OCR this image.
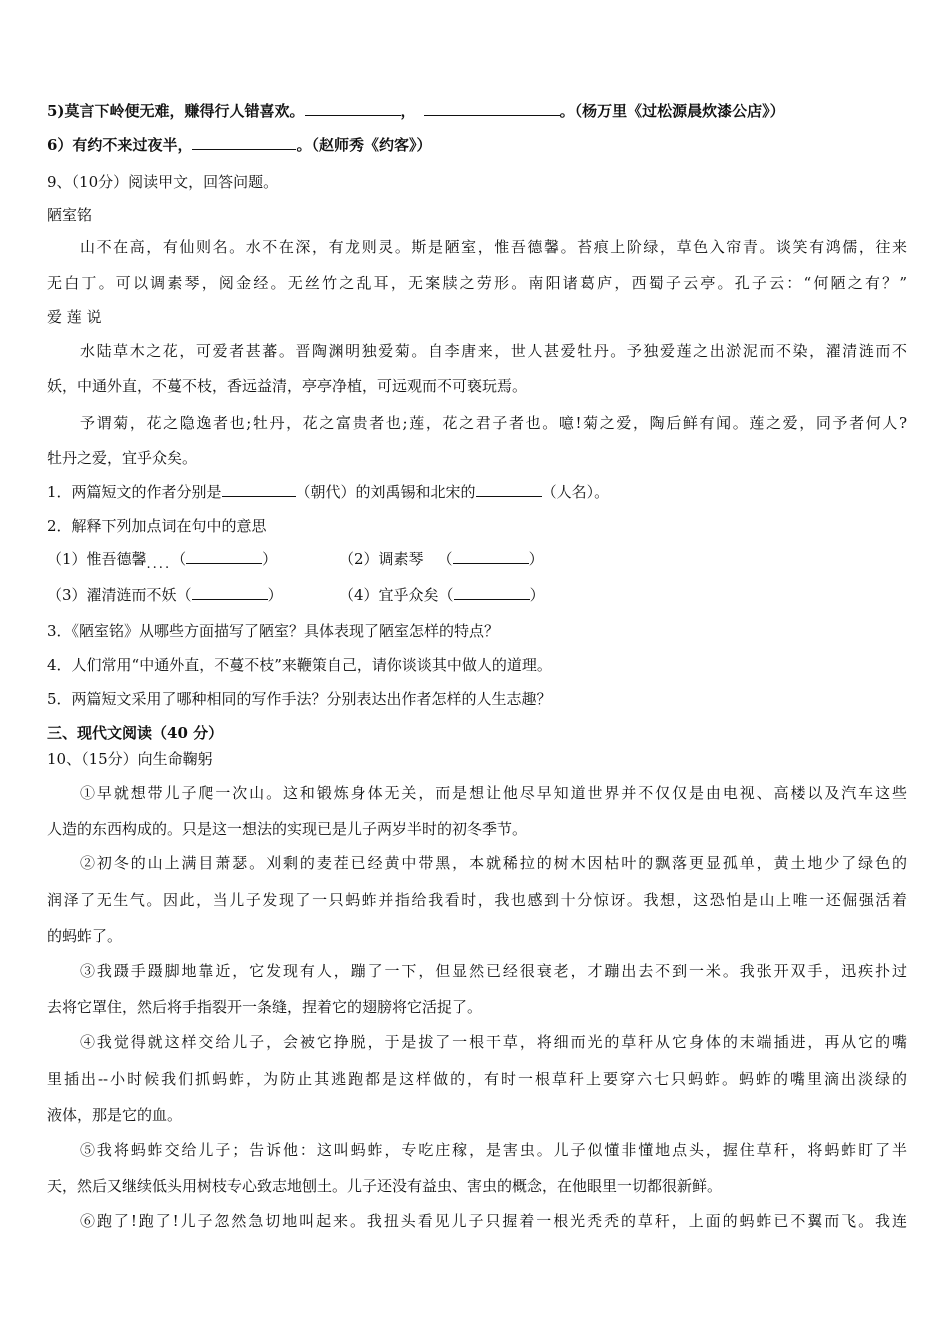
5)莫言下岭便无难，赚得行人错喜欢。	，	。（杨万里《过松源晨炊漆公店》）
6）有约不来过夜半，	。（赵师秀《约客》）
9、（10分）阅读甲文，回答问题。
陋室铭
山不在高，有仙则名。水不在深，有龙则灵。斯是陋室，惟吾德馨。苔痕上阶绿，草色入帘青。谈笑有鸿儒，往来
无白丁。可以调素琴，阅金经。无丝竹之乱耳，无案牍之劳形。南阳诸葛庐，西蜀子云亭。孔子云：“何陋之有？”
爱 莲 说
水陆草木之花，可爱者甚蕃。晋陶渊明独爱菊。自李唐来，世人甚爱牡丹。予独爱莲之出淤泥而不染，濯清涟而不
妖，中通外直，不蔓不枝，香远益清，亭亭净植，可远观而不可亵玩焉。
予谓菊，花之隐逸者也;牡丹，花之富贵者也;莲，花之君子者也。噫!菊之爱，陶后鲜有闻。莲之爱，同予者何人?
牡丹之爱，宜乎众矣。
1．两篇短文的作者分别是	（朝代）的刘禹锡和北宋的	（人名）。
2．解释下列加点词在句中的意思
（1）惟吾德馨....（	）	（2）调素琴 （	）
（3）濯清涟而不妖（	）	（4）宜乎众矣（	）
3．《陋室铭》从哪些方面描写了陋室？具体表现了陋室怎样的特点？
4．人们常用“中通外直，不蔓不枝”来鞭策自己，请你谈谈其中做人的道理。
5．两篇短文采用了哪种相同的写作手法？分别表达出作者怎样的人生志趣？
三、现代文阅读（40 分）
10、（15分）向生命鞠躬
①早就想带儿子爬一次山。这和锻炼身体无关，而是想让他尽早知道世界并不仅仅是由电视、高楼以及汽车这些
人造的东西构成的。只是这一想法的实现已是儿子两岁半时的初冬季节。
②初冬的山上满目萧瑟。刈剩的麦茬已经黄中带黑，本就稀拉的树木因枯叶的飘落更显孤单，黄土地少了绿色的
润泽了无生气。因此，当儿子发现了一只蚂蚱并指给我看时，我也感到十分惊讶。我想，这恐怕是山上唯一还倔强活着
的蚂蚱了。
③我蹑手蹑脚地靠近，它发现有人，蹦了一下，但显然已经很衰老，才蹦出去不到一米。我张开双手，迅疾扑过
去将它罩住，然后将手指裂开一条缝，捏着它的翅膀将它活捉了。
④我觉得就这样交给儿子，会被它挣脱，于是拔了一根干草，将细而光的草秆从它身体的末端插进，再从它的嘴
里插出--小时候我们抓蚂蚱，为防止其逃跑都是这样做的，有时一根草秆上要穿六七只蚂蚱。蚂蚱的嘴里滴出淡绿的
液体，那是它的血。
⑤我将蚂蚱交给儿子；告诉他：这叫蚂蚱，专吃庄稼，是害虫。儿子似懂非懂地点头，握住草秆，将蚂蚱盯了半
天，然后又继续低头用树枝专心致志地刨土。儿子还没有益虫、害虫的概念，在他眼里一切都很新鲜。
⑥跑了!跑了!儿子忽然急切地叫起来。我扭头看见儿子只握着一根光秃秃的草秆，上面的蚂蚱已不翼而飞。我连
